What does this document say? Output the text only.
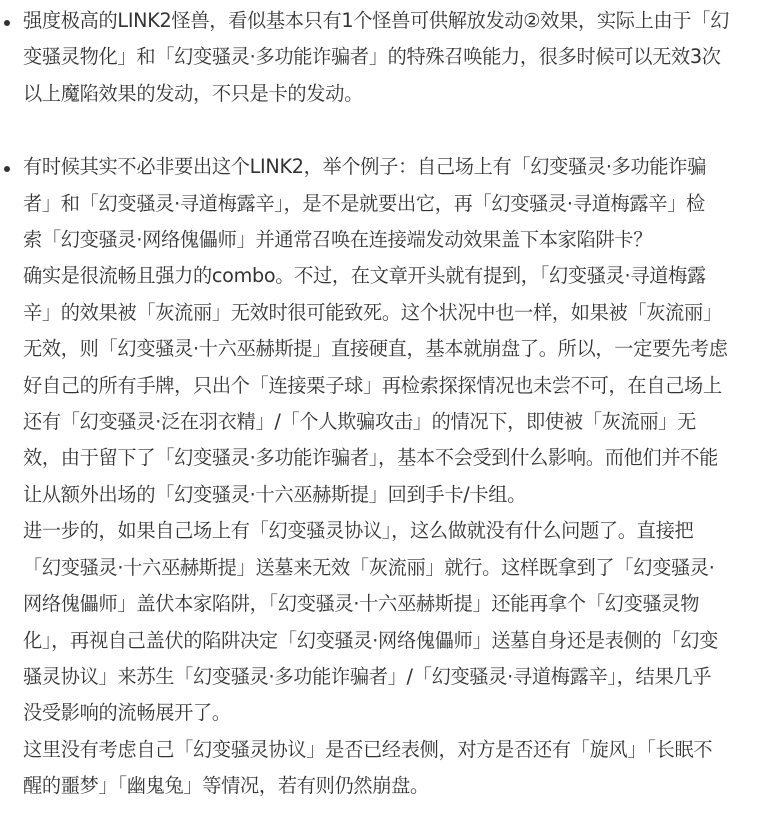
强度极高的LINK2怪兽，看似基本只有1个怪兽可供解放发动②效果，实际上由于「幻
变骚灵物化」和「幻变骚灵·多功能诈骗者」的特殊召唤能力，很多时候可以无效3次
以上魔陷效果的发动，不只是卡的发动。
有时候其实不必非要出这个LINK2，举个例子：自己场上有「幻变骚灵·多功能诈骗
者」和「幻变骚灵·寻道梅露辛」，是不是就要出它，再「幻变骚灵·寻道梅露辛」检
索「幻变骚灵·网络傀儡师」并通常召唤在连接端发动效果盖下本家陷阱卡？
确实是很流畅且强力的combo。不过，在文章开头就有提到，「幻变骚灵·寻道梅露
辛」的效果被「灰流丽」无效时很可能致死。这个状况中也一样，如果被「灰流丽」
无效，则「幻变骚灵·十六巫赫斯提」直接硬直，基本就崩盘了。所以，一定要先考虑
好自己的所有手牌，只出个「连接栗子球」再检索探探情况也未尝不可，在自己场上
还有「幻变骚灵·泛在羽衣精」/「个人欺骗攻击」的情况下，即使被「灰流丽」无
效，由于留下了「幻变骚灵·多功能诈骗者」，基本不会受到什么影响。而他们并不能
让从额外出场的「幻变骚灵·十六巫赫斯提」回到手卡/卡组。
进一步的，如果自己场上有「幻变骚灵协议」，这么做就没有什么问题了。直接把
「幻变骚灵·十六巫赫斯提」送墓来无效「灰流丽」就行。这样既拿到了「幻变骚灵·
网络傀儡师」盖伏本家陷阱，「幻变骚灵·十六巫赫斯提」还能再拿个「幻变骚灵物
化」，再视自己盖伏的陷阱决定「幻变骚灵·网络傀儡师」送墓自身还是表侧的「幻变
骚灵协议」来苏生「幻变骚灵·多功能诈骗者」/「幻变骚灵·寻道梅露辛」，结果几乎
没受影响的流畅展开了。
这里没有考虑自己「幻变骚灵协议」是否已经表侧，对方是否还有「旋风」「长眠不
醒的噩梦」「幽鬼兔」等情况，若有则仍然崩盘。
